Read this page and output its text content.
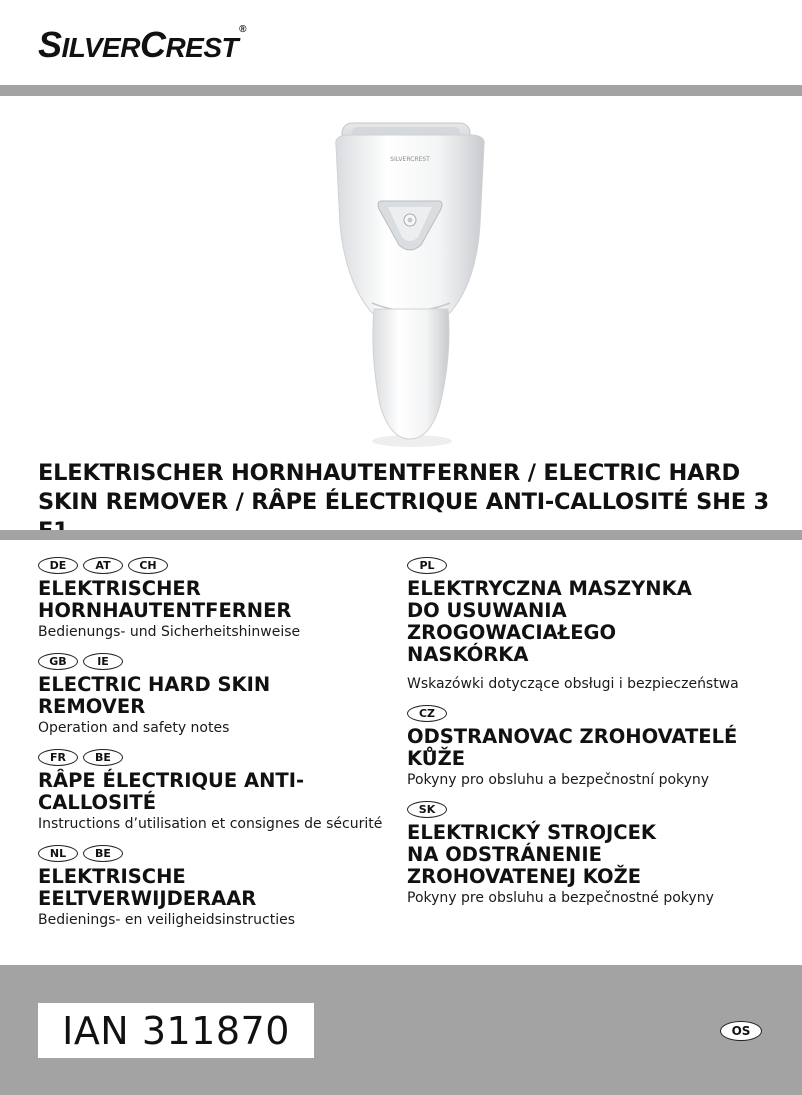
SILVERCREST®
SILVERCREST
ELEKTRISCHER HORNHAUTENTFERNER / ELECTRIC HARD SKIN REMOVER / RÂPE ÉLECTRIQUE ANTI-CALLOSITÉ SHE 3
DE	AT	CH
ELEKTRISCHER
HORNHAUTENTFERNER
Bedienungs- und Sicherheitshinweise
GB	IE
ELECTRIC HARD SKIN
REMOVER
Operation and safety notes
FR	BE
RÂPE ÉLECTRIQUE ANTI-
CALLOSITÉ
Instructions d’utilisation et consignes de sécurité
NL	BE
ELEKTRISCHE
EELTVERWIJDERAAR
Bedienings- en veiligheidsinstructies
PL
ELEKTRYCZNA MASZYNKA
DO USUWANIA
ZROGOWACIAŁEGO
NASKÓRKA
Wskazówki dotyczące obsługi i bezpieczeństwa
CZ
ODSTRANOVAC ZROHOVATELÉ
KŮŽE
Pokyny pro obsluhu a bezpečnostní pokyny
SK
ELEKTRICKÝ STROJCEK
NA ODSTRÁNENIE
ZROHOVATENEJ KOŽE
Pokyny pre obsluhu a bezpečnostné pokyny
IAN 311870	OS
